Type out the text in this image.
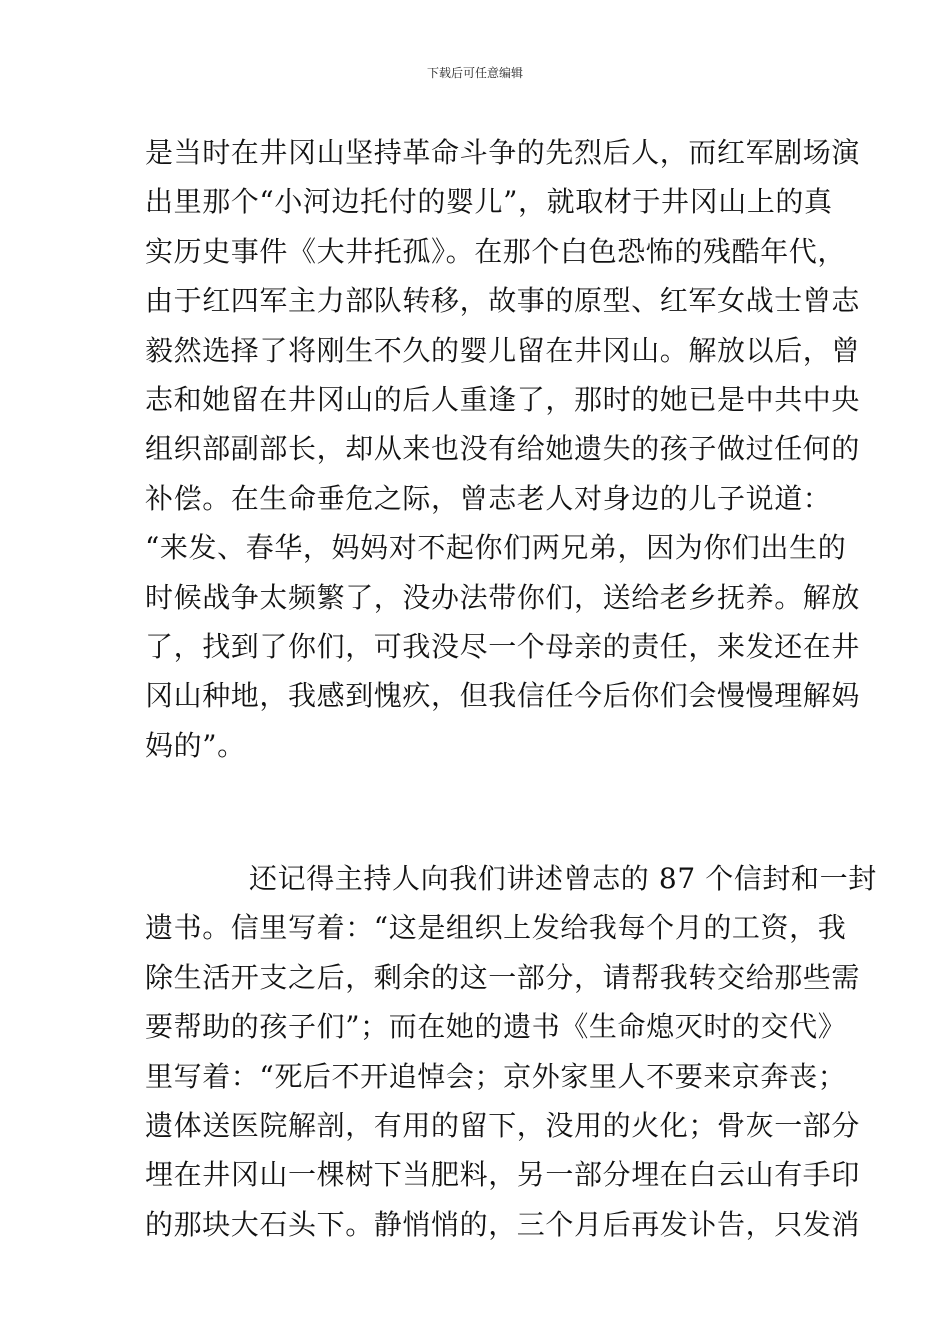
下载后可任意编辑
是当时在井冈山坚持革命斗争的先烈后人，而红军剧场演
出里那个“小河边托付的婴儿”，就取材于井冈山上的真
实历史事件《大井托孤》。在那个白色恐怖的残酷年代，
由于红四军主力部队转移，故事的原型、红军女战士曾志
毅然选择了将刚生不久的婴儿留在井冈山。解放以后，曾
志和她留在井冈山的后人重逢了，那时的她已是中共中央
组织部副部长，却从来也没有给她遗失的孩子做过任何的
补偿。在生命垂危之际，曾志老人对身边的儿子说道：
“来发、春华，妈妈对不起你们两兄弟，因为你们出生的
时候战争太频繁了，没办法带你们，送给老乡抚养。解放
了，找到了你们，可我没尽一个母亲的责任，来发还在井
冈山种地，我感到愧疚，但我信任今后你们会慢慢理解妈
妈的”。
还记得主持人向我们讲述曾志的 87 个信封和一封
遗书。信里写着：“这是组织上发给我每个月的工资，我
除生活开支之后，剩余的这一部分，请帮我转交给那些需
要帮助的孩子们”；而在她的遗书《生命熄灭时的交代》
里写着：“死后不开追悼会；京外家里人不要来京奔丧；
遗体送医院解剖，有用的留下，没用的火化；骨灰一部分
埋在井冈山一棵树下当肥料，另一部分埋在白云山有手印
的那块大石头下。静悄悄的，三个月后再发讣告，只发消
